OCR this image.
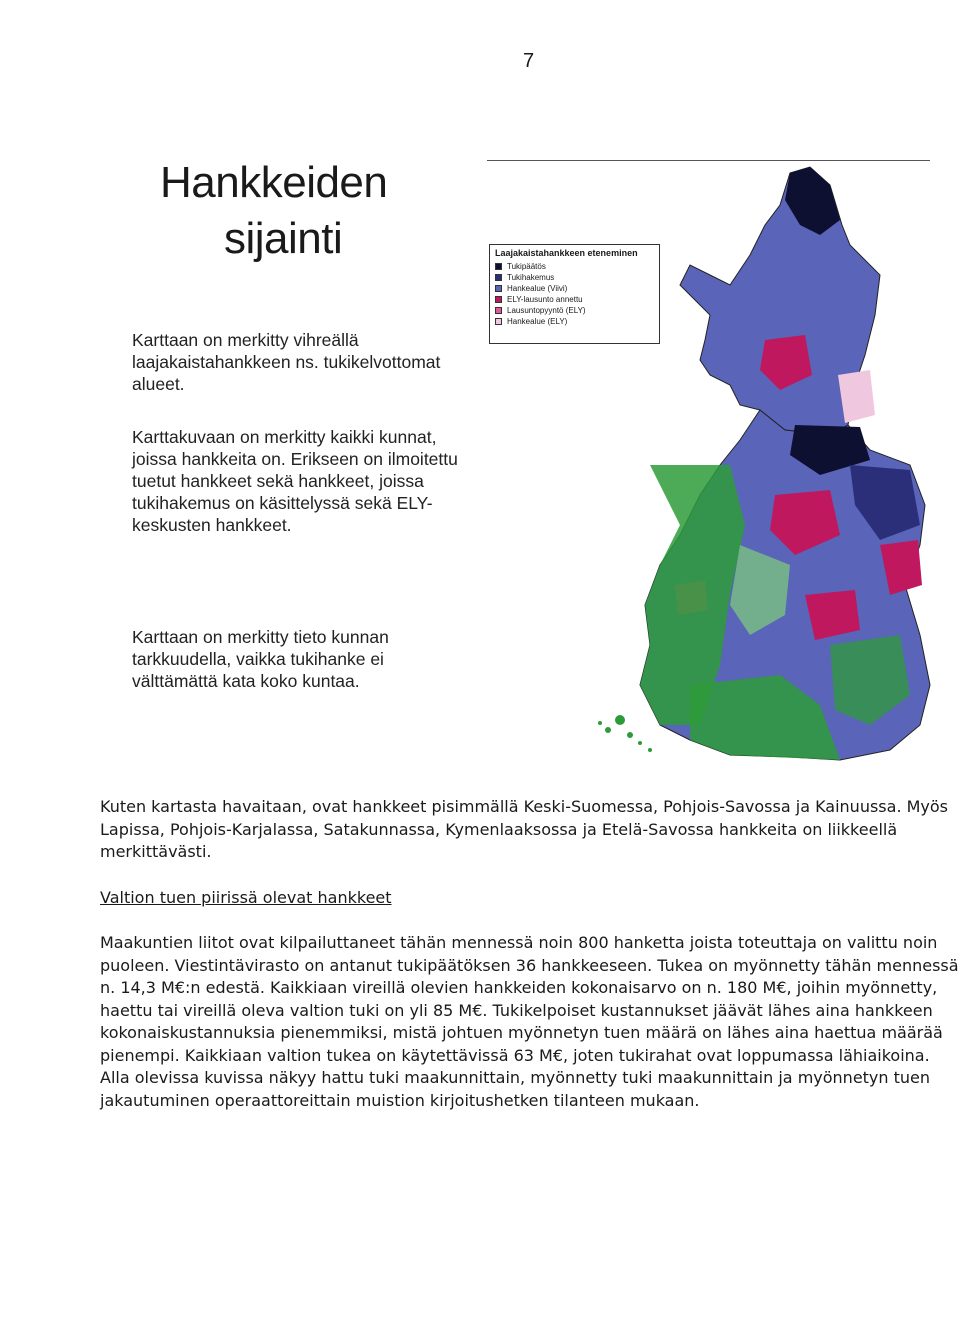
7
Hankkeiden
sijainti

Karttaan on merkitty vihreällä laajakaistahankkeen ns. tukikelvottomat alueet.

Karttakuvaan on merkitty kaikki kunnat, joissa hankkeita on. Erikseen on ilmoitettu tuetut hankkeet sekä hankkeet, joissa tukihakemus on käsittelyssä sekä ELY-keskusten hankkeet.

Karttaan on merkitty tieto kunnan tarkkuudella, vaikka tukihanke ei välttämättä kata koko kuntaa.

Laajakaistahankkeen eteneminen
Tukipäätös
Tukihakemus
Hankealue (Viivi)
ELY-lausunto annettu
Lausuntopyyntö (ELY)
Hankealue (ELY)

Kuten kartasta havaitaan, ovat hankkeet pisimmällä Keski-Suomessa, Pohjois-Savossa ja Kainuussa. Myös Lapissa, Pohjois-Karjalassa, Satakunnassa, Kymenlaaksossa ja Etelä-Savossa hankkeita on liikkeellä merkittävästi.

Valtion tuen piirissä olevat hankkeet

Maakuntien liitot ovat kilpailuttaneet tähän mennessä noin 800 hanketta joista toteuttaja on valittu noin puoleen. Viestintävirasto on antanut tukipäätöksen 36 hankkeeseen. Tukea on myönnetty tähän mennessä n. 14,3 M€:n edestä. Kaikkiaan vireillä olevien hankkeiden kokonaisarvo on n. 180 M€, joihin myönnetty, haettu tai vireillä oleva valtion tuki on yli 85 M€. Tukikelpoiset kustannukset jäävät lähes aina hankkeen kokonaiskustannuksia pienemmiksi, mistä johtuen myönnetyn tuen määrä on lähes aina haettua määrää pienempi. Kaikkiaan valtion tukea on käytettävissä 63 M€, joten tukirahat ovat loppumassa lähiaikoina. Alla olevissa kuvissa näkyy hattu tuki maakunnittain, myönnetty tuki maakunnittain ja myönnetyn tuen jakautuminen operaattoreittain muistion kirjoitushetken tilanteen mukaan.
